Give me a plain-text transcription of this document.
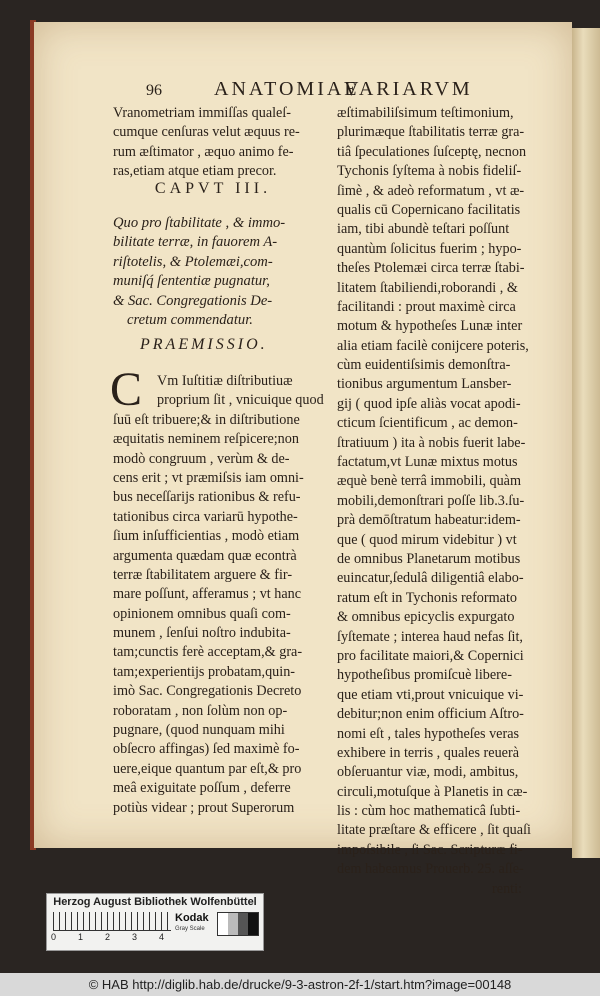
96	ANATOMIAE
VARIARVM
Vranometriam immiſſas qualeſ-
cumque cenſuras velut æquus re-
rum æſtimator , æquo animo fe-
ras,etiam atque etiam precor.
CAPVT III.
Quo pro ſtabilitate , & immo-
bilitate terræ, in fauorem A-
riſtotelis, & Ptolemæi,com-
muniſq́ ſententiæ pugnatur,
& Sac. Congregationis De-
cretum commendatur.
PRAEMISSIO.
C	Vm Iuſtitiæ diſtributiuæ
proprium ſit , vnicuique quod
ſuū eſt tribuere;& in diſtributione
æquitatis neminem reſpicere;non
modò congruum , verùm & de-
cens erit ; vt præmiſsis iam omni-
bus neceſſarijs rationibus & refu-
tationibus circa variarū hypothe-
ſium inſufficientias , modò etiam
argumenta quædam quæ econtrà
terræ ſtabilitatem arguere & fir-
mare poſſunt, afferamus ; vt hanc
opinionem omnibus quaſi com-
munem , ſenſui noſtro indubita-
tam;cunctis ferè acceptam,& gra-
tam;experientijs probatam,quin-
imò Sac. Congregationis Decreto
roboratam , non ſolùm non op-
pugnare, (quod nunquam mihi
obſecro affingas) ſed maximè fo-
uere,eique quantum par eſt,& pro
meâ exiguitate poſſum , deferre
potiùs videar ; prout Superorum
æſtimabiliſsimum teſtimonium,
plurimæque ſtabilitatis terræ gra-
tiâ ſpeculationes ſuſceptę, necnon
Tychonis ſyſtema à nobis fideliſ-
ſimè , & adeò reformatum , vt æ-
qualis cū Copernicano facilitatis
iam, tibi abundè teſtari poſſunt
quantùm ſolicitus fuerim ; hypo-
theſes Ptolemæi circa terræ ſtabi-
litatem ſtabiliendi,roborandi , &
facilitandi : prout maximè circa
motum & hypotheſes Lunæ inter
alia etiam facilè conijcere poteris,
cùm euidentiſsimis demonſtra-
tionibus argumentum Lansber-
gij ( quod ipſe aliàs vocat apodi-
cticum ſcientificum , ac demon-
ſtratiuum ) ita à nobis fuerit labe-
factatum,vt Lunæ mixtus motus
æquè benè terrâ immobili, quàm
mobili,demonſtrari poſſe lib.3.ſu-
prà demōſtratum habeatur:idem-
que ( quod mirum videbitur ) vt
de omnibus Planetarum motibus
euincatur,ſedulâ diligentiâ elabo-
ratum eſt in Tychonis reformato
& omnibus epicyclis expurgato
ſyſtemate ; interea haud nefas ſit,
pro facilitate maiori,& Copernici
hypotheſibus promiſcuè libere-
que etiam vti,prout vnicuique vi-
debitur;non enim officium Aſtro-
nomi eſt , tales hypotheſes veras
exhibere in terris , quales reuerà
obſeruantur viæ, modi, ambitus,
circuli,motuſque à Planetis in cæ-
lis : cùm hoc mathematicâ ſubti-
litate præſtare & efficere , ſit quaſi
impoſsibile , ſi Sac. Scripturæ fi-
dem habeamus Prouerb. 25. aſſe-
renti:
Herzog August Bibliothek Wolfenbüttel
0 1 2 3 4
Kodak
Gray Scale
© HAB http://diglib.hab.de/drucke/9-3-astron-2f-1/start.htm?image=00148
